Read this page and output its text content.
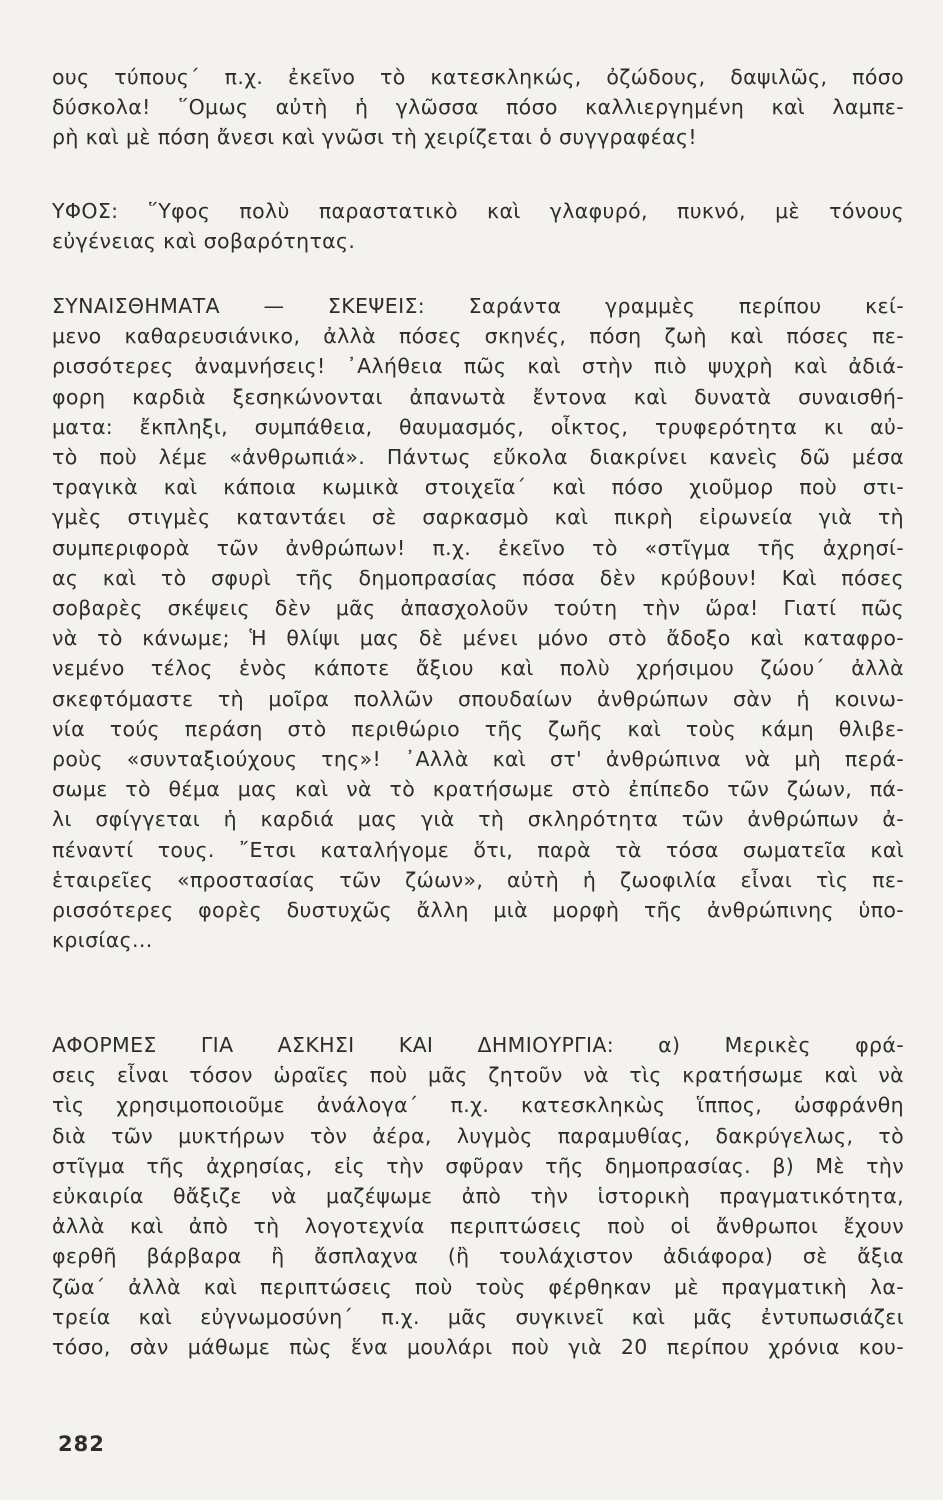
ους τύπους΄ π.χ. ἐκεῖνο τὸ κατεσκληκώς, ὀζώδους, δαψιλῶς, πόσο
δύσκολα! ῞Ομως αὐτὴ ἡ γλῶσσα πόσο καλλιεργημένη καὶ λαμπε-
ρὴ καὶ μὲ πόση ἄνεσι καὶ γνῶσι τὴ χειρίζεται ὁ συγγραφέας!
ΥΦΟΣ: ῞Υφος πολὺ παραστατικὸ καὶ γλαφυρό, πυκνό, μὲ τόνους
εὐγένειας καὶ σοβαρότητας.
ΣΥΝΑΙΣΘΗΜΑΤΑ — ΣΚΕΨΕΙΣ: Σαράντα γραμμὲς περίπου κεί-
μενο καθαρευσιάνικο, ἀλλὰ πόσες σκηνές, πόση ζωὴ καὶ πόσες πε-
ρισσότερες ἀναμνήσεις! ᾿Αλήθεια πῶς καὶ στὴν πιὸ ψυχρὴ καὶ ἀδιά-
φορη καρδιὰ ξεσηκώνονται ἀπανωτὰ ἔντονα καὶ δυνατὰ συναισθή-
ματα: ἔκπληξι, συμπάθεια, θαυμασμός, οἶκτος, τρυφερότητα κι αὐ-
τὸ ποὺ λέμε «ἀνθρωπιά». Πάντως εὔκολα διακρίνει κανεὶς δῶ μέσα
τραγικὰ καὶ κάποια κωμικὰ στοιχεῖα΄ καὶ πόσο χιοῦμορ ποὺ στι-
γμὲς στιγμὲς καταντάει σὲ σαρκασμὸ καὶ πικρὴ εἰρωνεία γιὰ τὴ
συμπεριφορὰ τῶν ἀνθρώπων! π.χ. ἐκεῖνο τὸ «στῖγμα τῆς ἀχρησί-
ας καὶ τὸ σφυρὶ τῆς δημοπρασίας πόσα δὲν κρύβουν! Καὶ πόσες
σοβαρὲς σκέψεις δὲν μᾶς ἀπασχολοῦν τούτη τὴν ὥρα! Γιατί πῶς
νὰ τὸ κάνωμε; Ἡ θλίψι μας δὲ μένει μόνο στὸ ἄδοξο καὶ καταφρο-
νεμένο τέλος ἑνὸς κάποτε ἄξιου καὶ πολὺ χρήσιμου ζώου΄ ἀλλὰ
σκεφτόμαστε τὴ μοῖρα πολλῶν σπουδαίων ἀνθρώπων σὰν ἡ κοινω-
νία τούς περάση στὸ περιθώριο τῆς ζωῆς καὶ τοὺς κάμη θλιβε-
ροὺς «συνταξιούχους της»! ᾿Αλλὰ καὶ στ' ἀνθρώπινα νὰ μὴ περά-
σωμε τὸ θέμα μας καὶ νὰ τὸ κρατήσωμε στὸ ἐπίπεδο τῶν ζώων, πά-
λι σφίγγεται ἡ καρδιά μας γιὰ τὴ σκληρότητα τῶν ἀνθρώπων ἀ-
πέναντί τους. ῎Ετσι καταλήγομε ὅτι, παρὰ τὰ τόσα σωματεῖα καὶ
ἑταιρεῖες «προστασίας τῶν ζώων», αὐτὴ ἡ ζωοφιλία εἶναι τὶς πε-
ρισσότερες φορὲς δυστυχῶς ἄλλη μιὰ μορφὴ τῆς ἀνθρώπινης ὑπο-
κρισίας...
ΑΦΟΡΜΕΣ ΓΙΑ ΑΣΚΗΣΙ ΚΑΙ ΔΗΜΙΟΥΡΓΙΑ: α) Μερικὲς φρά-
σεις εἶναι τόσον ὡραῖες ποὺ μᾶς ζητοῦν νὰ τὶς κρατήσωμε καὶ νὰ
τὶς χρησιμοποιοῦμε ἀνάλογα΄ π.χ. κατεσκληκὼς ἵππος, ὠσφράνθη
διὰ τῶν μυκτήρων τὸν ἀέρα, λυγμὸς παραμυθίας, δακρύγελως, τὸ
στῖγμα τῆς ἀχρησίας, εἰς τὴν σφῦραν τῆς δημοπρασίας. β) Μὲ τὴν
εὐκαιρία θἄξιζε νὰ μαζέψωμε ἀπὸ τὴν ἱστορικὴ πραγματικότητα,
ἀλλὰ καὶ ἀπὸ τὴ λογοτεχνία περιπτώσεις ποὺ οἱ ἄνθρωποι ἔχουν
φερθῆ βάρβαρα ἢ ἄσπλαχνα (ἢ τουλάχιστον ἀδιάφορα) σὲ ἄξια
ζῶα΄ ἀλλὰ καὶ περιπτώσεις ποὺ τοὺς φέρθηκαν μὲ πραγματικὴ λα-
τρεία καὶ εὐγνωμοσύνη΄ π.χ. μᾶς συγκινεῖ καὶ μᾶς ἐντυπωσιάζει
τόσο, σὰν μάθωμε πὼς ἕνα μουλάρι ποὺ γιὰ 20 περίπου χρόνια κου-
282
